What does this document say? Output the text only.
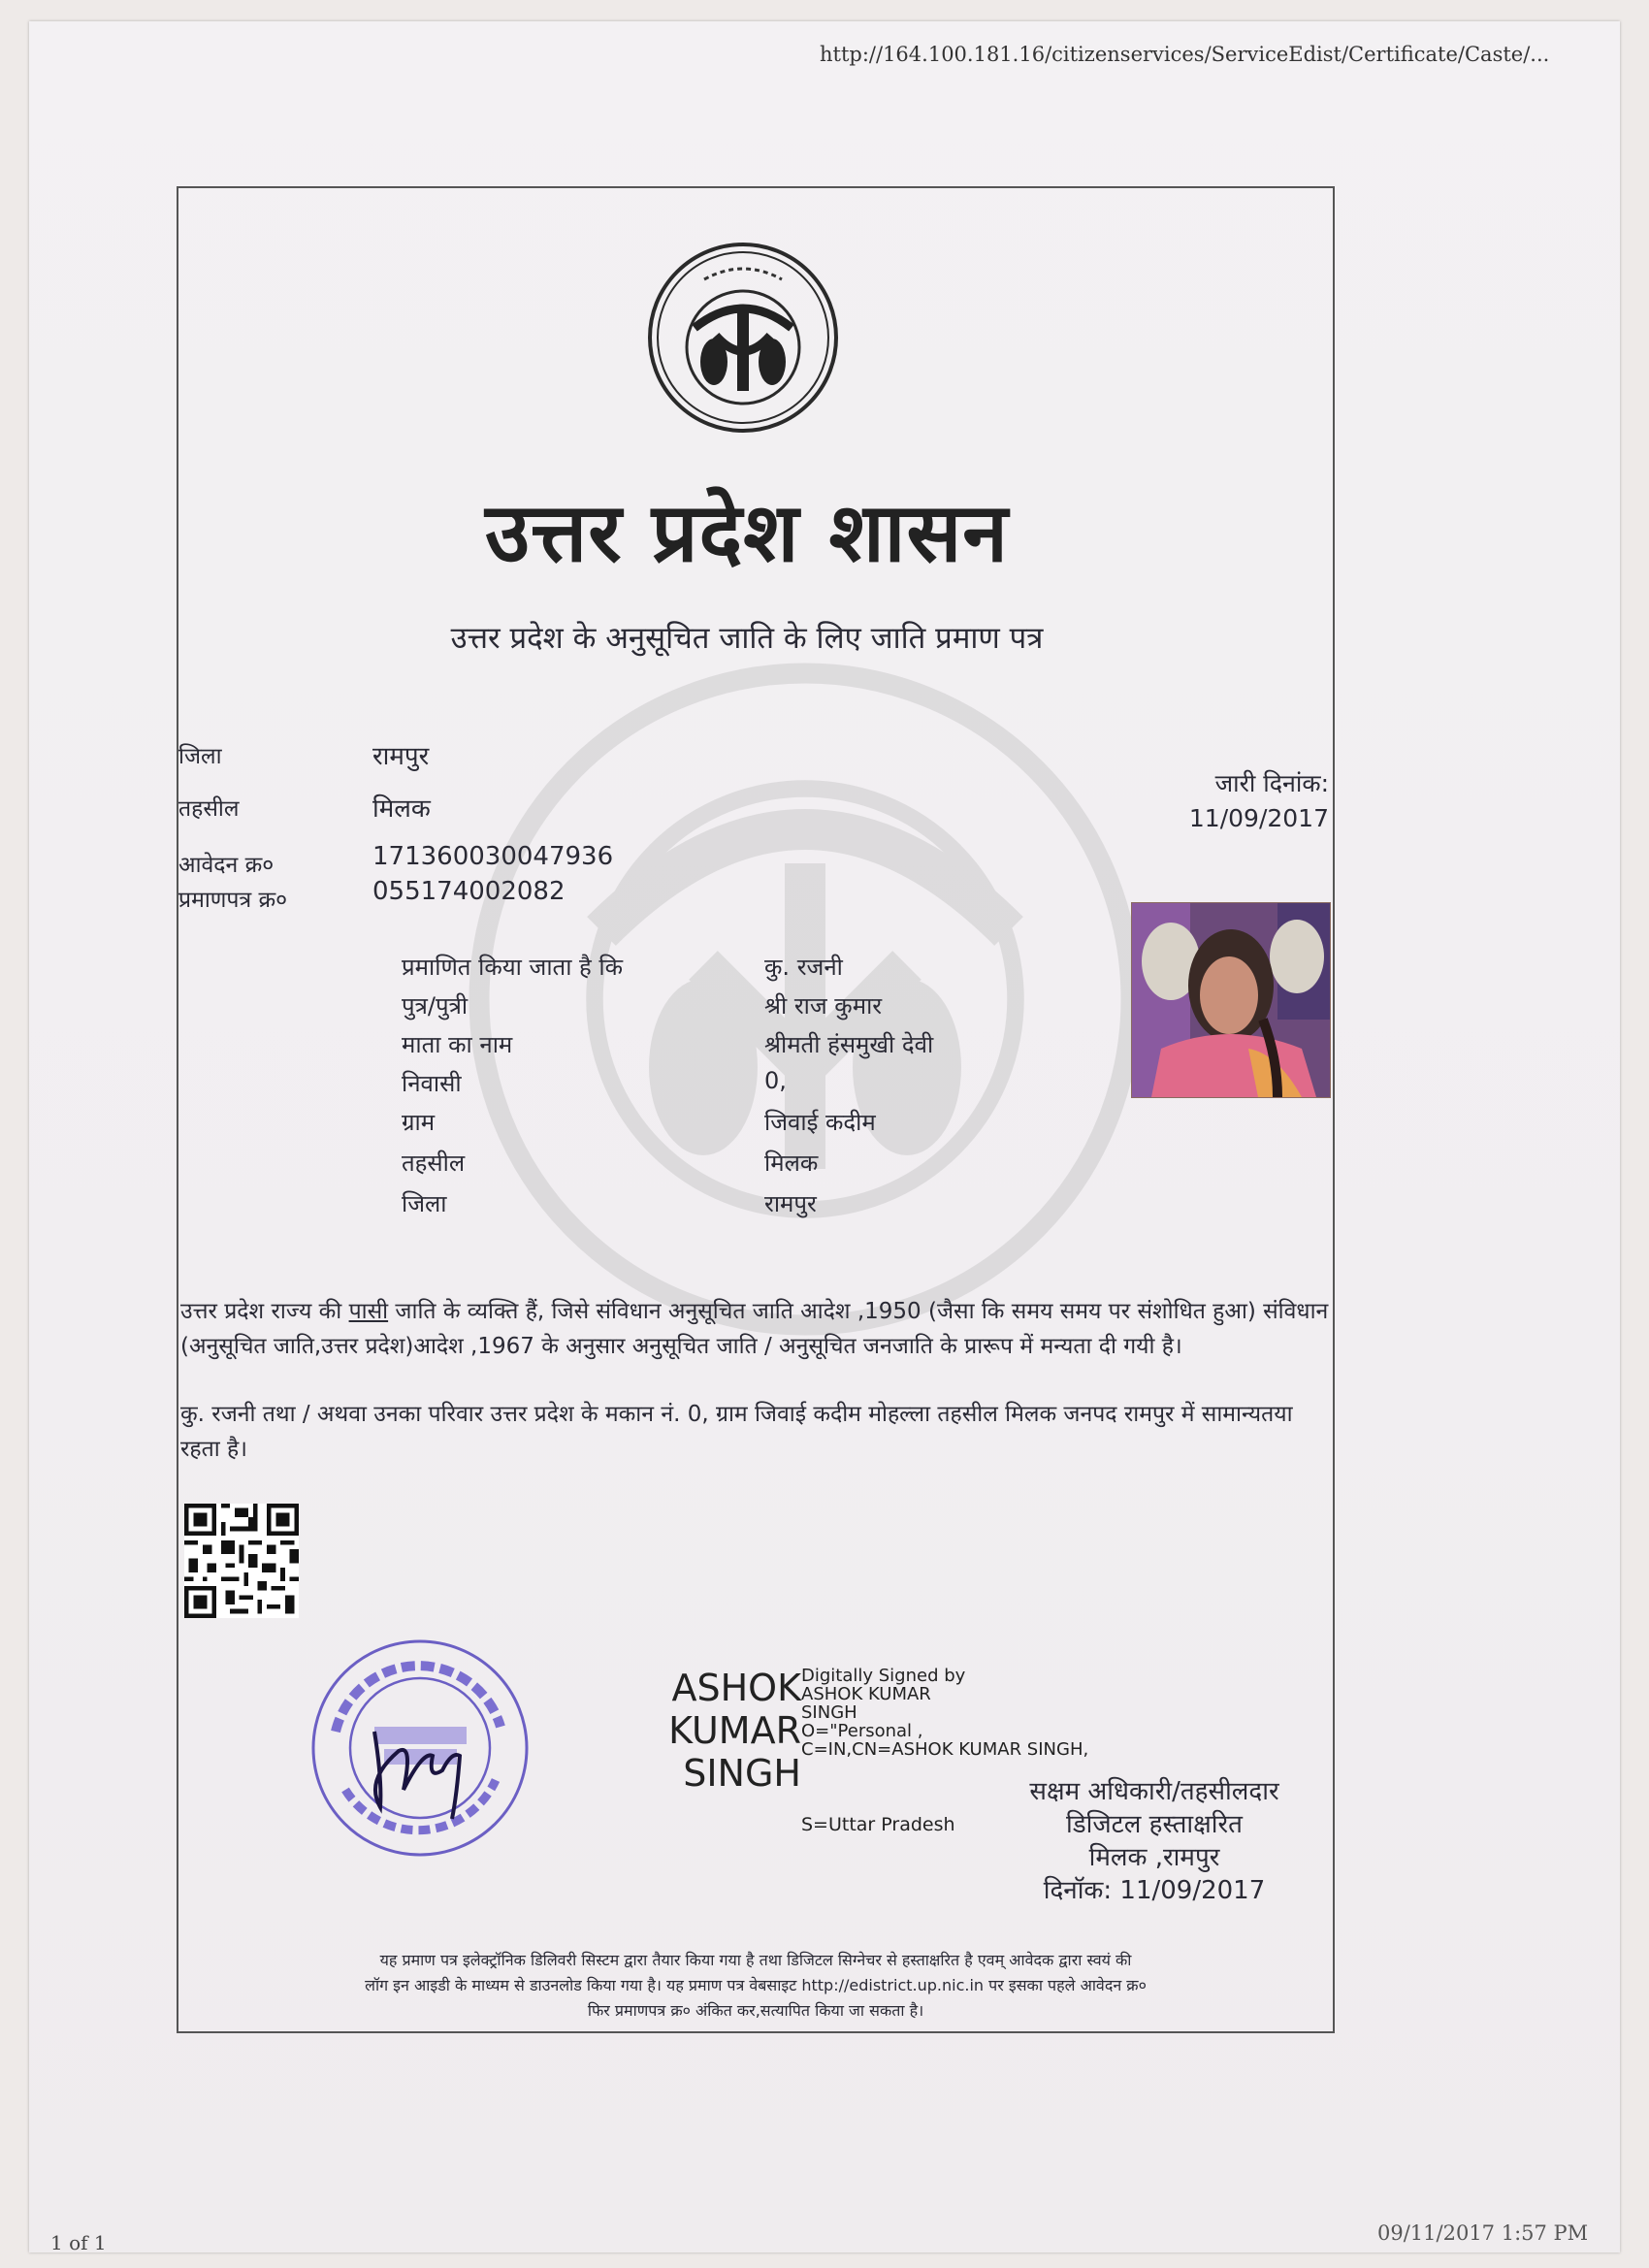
http://164.100.181.16/citizenservices/ServiceEdist/Certificate/Caste/...
उत्तर प्रदेश शासन
उत्तर प्रदेश के अनुसूचित जाति के लिए जाति प्रमाण पत्र
जिला	रामपुर
तहसील	मिलक
आवेदन क्र०	171360030047936
प्रमाणपत्र क्र०	055174002082
जारी दिनांक:
11/09/2017
प्रमाणित किया जाता है कि	कु. रजनी
पुत्र/पुत्री	श्री राज कुमार
माता का नाम	श्रीमती हंसमुखी देवी
निवासी	0,
ग्राम	जिवाई कदीम
तहसील	मिलक
जिला	रामपुर
उत्तर प्रदेश राज्य की पासी जाति के व्यक्ति हैं, जिसे संविधान अनुसूचित जाति आदेश ,1950 (जैसा कि समय समय पर संशोधित हुआ) संविधान (अनुसूचित जाति,उत्तर प्रदेश)आदेश ,1967 के अनुसार अनुसूचित जाति / अनुसूचित जनजाति के प्रारूप में मन्यता दी गयी है।
कु. रजनी तथा / अथवा उनका परिवार उत्तर प्रदेश के मकान नं. 0, ग्राम जिवाई कदीम मोहल्ला तहसील मिलक जनपद रामपुर में सामान्यतया रहता है।
ASHOK
KUMAR
SINGH
Digitally Signed by
ASHOK KUMAR
SINGH
O="Personal ,
C=IN,CN=ASHOK KUMAR SINGH,
S=Uttar Pradesh
सक्षम अधिकारी/तहसीलदार
डिजिटल हस्ताक्षरित
मिलक ,रामपुर
दिनॉक: 11/09/2017
यह प्रमाण पत्र इलेक्ट्रॉनिक डिलिवरी सिस्टम द्वारा तैयार किया गया है तथा डिजिटल सिग्नेचर से हस्ताक्षरित है एवम् आवेदक द्वारा स्वयं की
लॉग इन आइडी के माध्यम से डाउनलोड किया गया है। यह प्रमाण पत्र वेबसाइट http://edistrict.up.nic.in पर इसका पहले आवेदन क्र०
फिर प्रमाणपत्र क्र० अंकित कर,सत्यापित किया जा सकता है।
1 of 1	09/11/2017 1:57 PM
